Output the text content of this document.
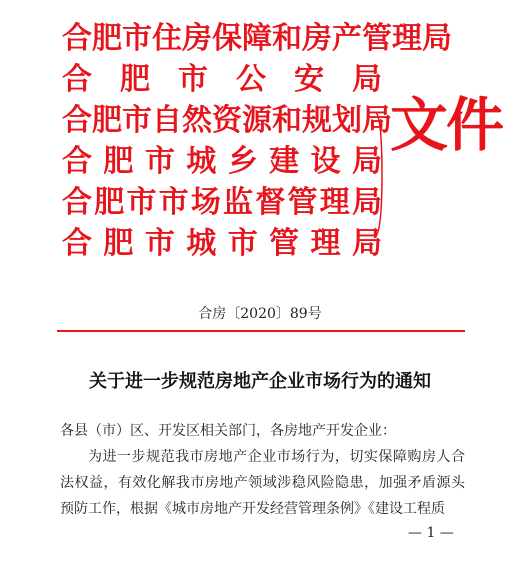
合 肥 市 住 房 保 障 和 房 产 管 理 局
合 肥 市 公 安 局
合 肥 市 自 然 资 源 和 规 划 局
合 肥 市 城 乡 建 设 局
合 肥 市 市 场 监 督 管 理 局
合 肥 市 城 市 管 理 局
文件
合房〔2020〕89号
关于进一步规范房地产企业市场行为的通知

各县（市）区、开发区相关部门，各房地产开发企业：

为进一步规范我市房地产企业市场行为，切实保障购房人合法权益，有效化解我市房地产领域涉稳风险隐患，加强矛盾源头预防工作，根据《城市房地产开发经营管理条例》《建设工程质

— 1 —
